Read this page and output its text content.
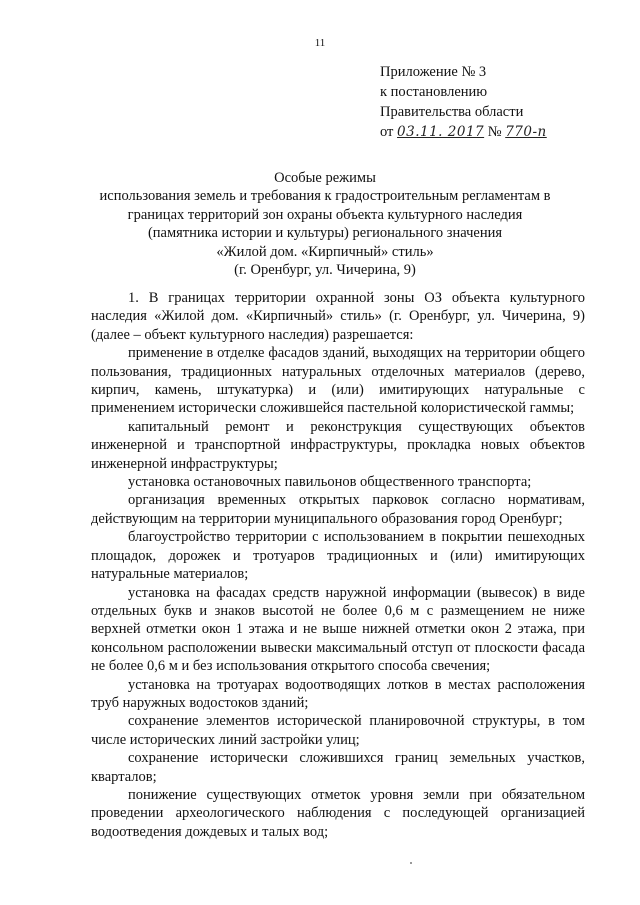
11
Приложение № 3
к постановлению
Правительства области
от 03.11. 2017 № 770-п
Особые режимы
использования земель и требования к градостроительным регламентам в
границах территорий зон охраны объекта культурного наследия
(памятника истории и культуры) регионального значения
«Жилой дом. «Кирпичный» стиль»
(г. Оренбург, ул. Чичерина, 9)

1. В границах территории охранной зоны ОЗ объекта культурного наследия «Жилой дом. «Кирпичный» стиль» (г. Оренбург, ул. Чичерина, 9) (далее – объект культурного наследия) разрешается:

применение в отделке фасадов зданий, выходящих на территории общего пользования, традиционных натуральных отделочных материалов (дерево, кирпич, камень, штукатурка) и (или) имитирующих натуральные с применением исторически сложившейся пастельной колористической гаммы;

капитальный ремонт и реконструкция существующих объектов инженерной и транспортной инфраструктуры, прокладка новых объектов инженерной инфраструктуры;

установка остановочных павильонов общественного транспорта;

организация временных открытых парковок согласно нормативам, действующим на территории муниципального образования город Оренбург;

благоустройство территории с использованием в покрытии пешеходных площадок, дорожек и тротуаров традиционных и (или) имитирующих натуральные материалов;

установка на фасадах средств наружной информации (вывесок) в виде отдельных букв и знаков высотой не более 0,6 м с размещением не ниже верхней отметки окон 1 этажа и не выше нижней отметки окон 2 этажа, при консольном расположении вывески максимальный отступ от плоскости фасада не более 0,6 м и без использования открытого способа свечения;

установка на тротуарах водоотводящих лотков в местах расположения труб наружных водостоков зданий;

сохранение элементов исторической планировочной структуры, в том числе исторических линий застройки улиц;

сохранение исторически сложившихся границ земельных участков, кварталов;

понижение существующих отметок уровня земли при обязательном проведении археологического наблюдения с последующей организацией водоотведения дождевых и талых вод;
